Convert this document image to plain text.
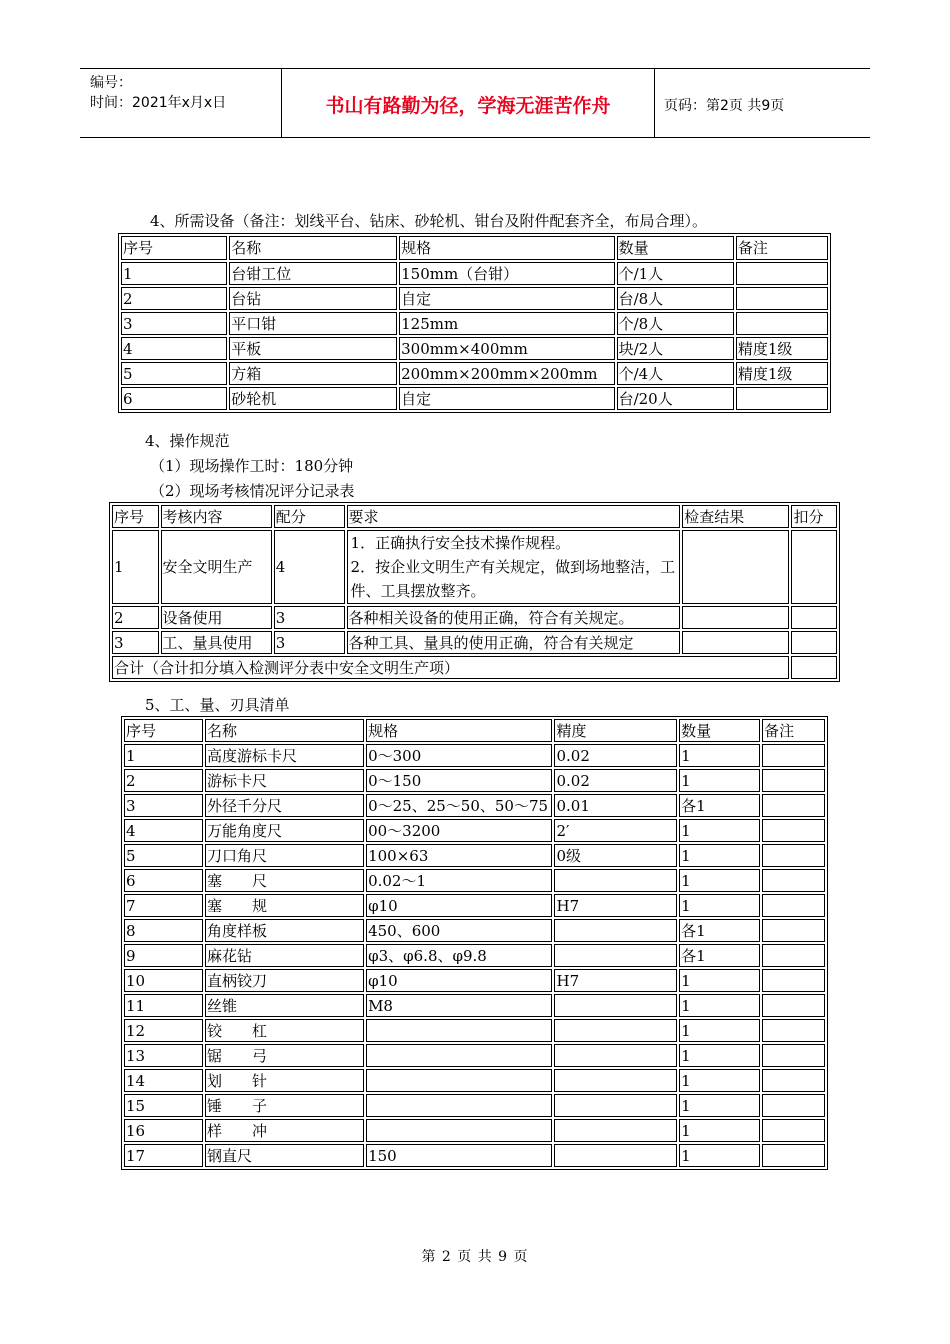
编号：
时间：2021年x月x日	书山有路勤为径，学海无涯苦作舟	页码：第2页 共9页
4、所需设备（备注：划线平台、钻床、砂轮机、钳台及附件配套齐全，布局合理）。
序号	名称	规格	数量	备注
1	台钳工位	150mm（台钳）	个/1人	
2	台钻	自定	台/8人	
3	平口钳	125mm	个/8人	
4	平板	300mm×400mm	块/2人	精度1级
5	方箱	200mm×200mm×200mm	个/4人	精度1级
6	砂轮机	自定	台/20人	
4、操作规范
（1）现场操作工时：180分钟
（2）现场考核情况评分记录表
序号	考核内容	配分	要求	检查结果	扣分
1	安全文明生产	4	1．正确执行安全技术操作规程。
2．按企业文明生产有关规定，做到场地整洁，工件、工具摆放整齐。		

2	设备使用	3	各种相关设备的使用正确，符合有关规定。		

3	工、量具使用	3	各种工具、量具的使用正确，符合有关规定		

合计（合计扣分填入检测评分表中安全文明生产项）					
5、工、量、刃具清单
序号	名称	规格	精度	数量	备注
1	高度游标卡尺	0～300	0.02	1	
2	游标卡尺	0～150	0.02	1	
3	外径千分尺	0～25、25～50、50～75	0.01	各1	
4	万能角度尺	00～3200	2′	1	
5	刀口角尺	100×63	0级	1	
6	塞　　尺	0.02～1		1	
7	塞　　规	φ10	H7	1	
8	角度样板	450、600		各1	
9	麻花钻	φ3、φ6.8、φ9.8		各1	
10	直柄铰刀	φ10	H7	1	
11	丝锥	M8		1	
12	铰　　杠			1	
13	锯　　弓			1	
14	划　　针			1	
15	锤　　子			1	
16	样　　冲			1	
17	钢直尺	150		1	
第 2 页 共 9 页
